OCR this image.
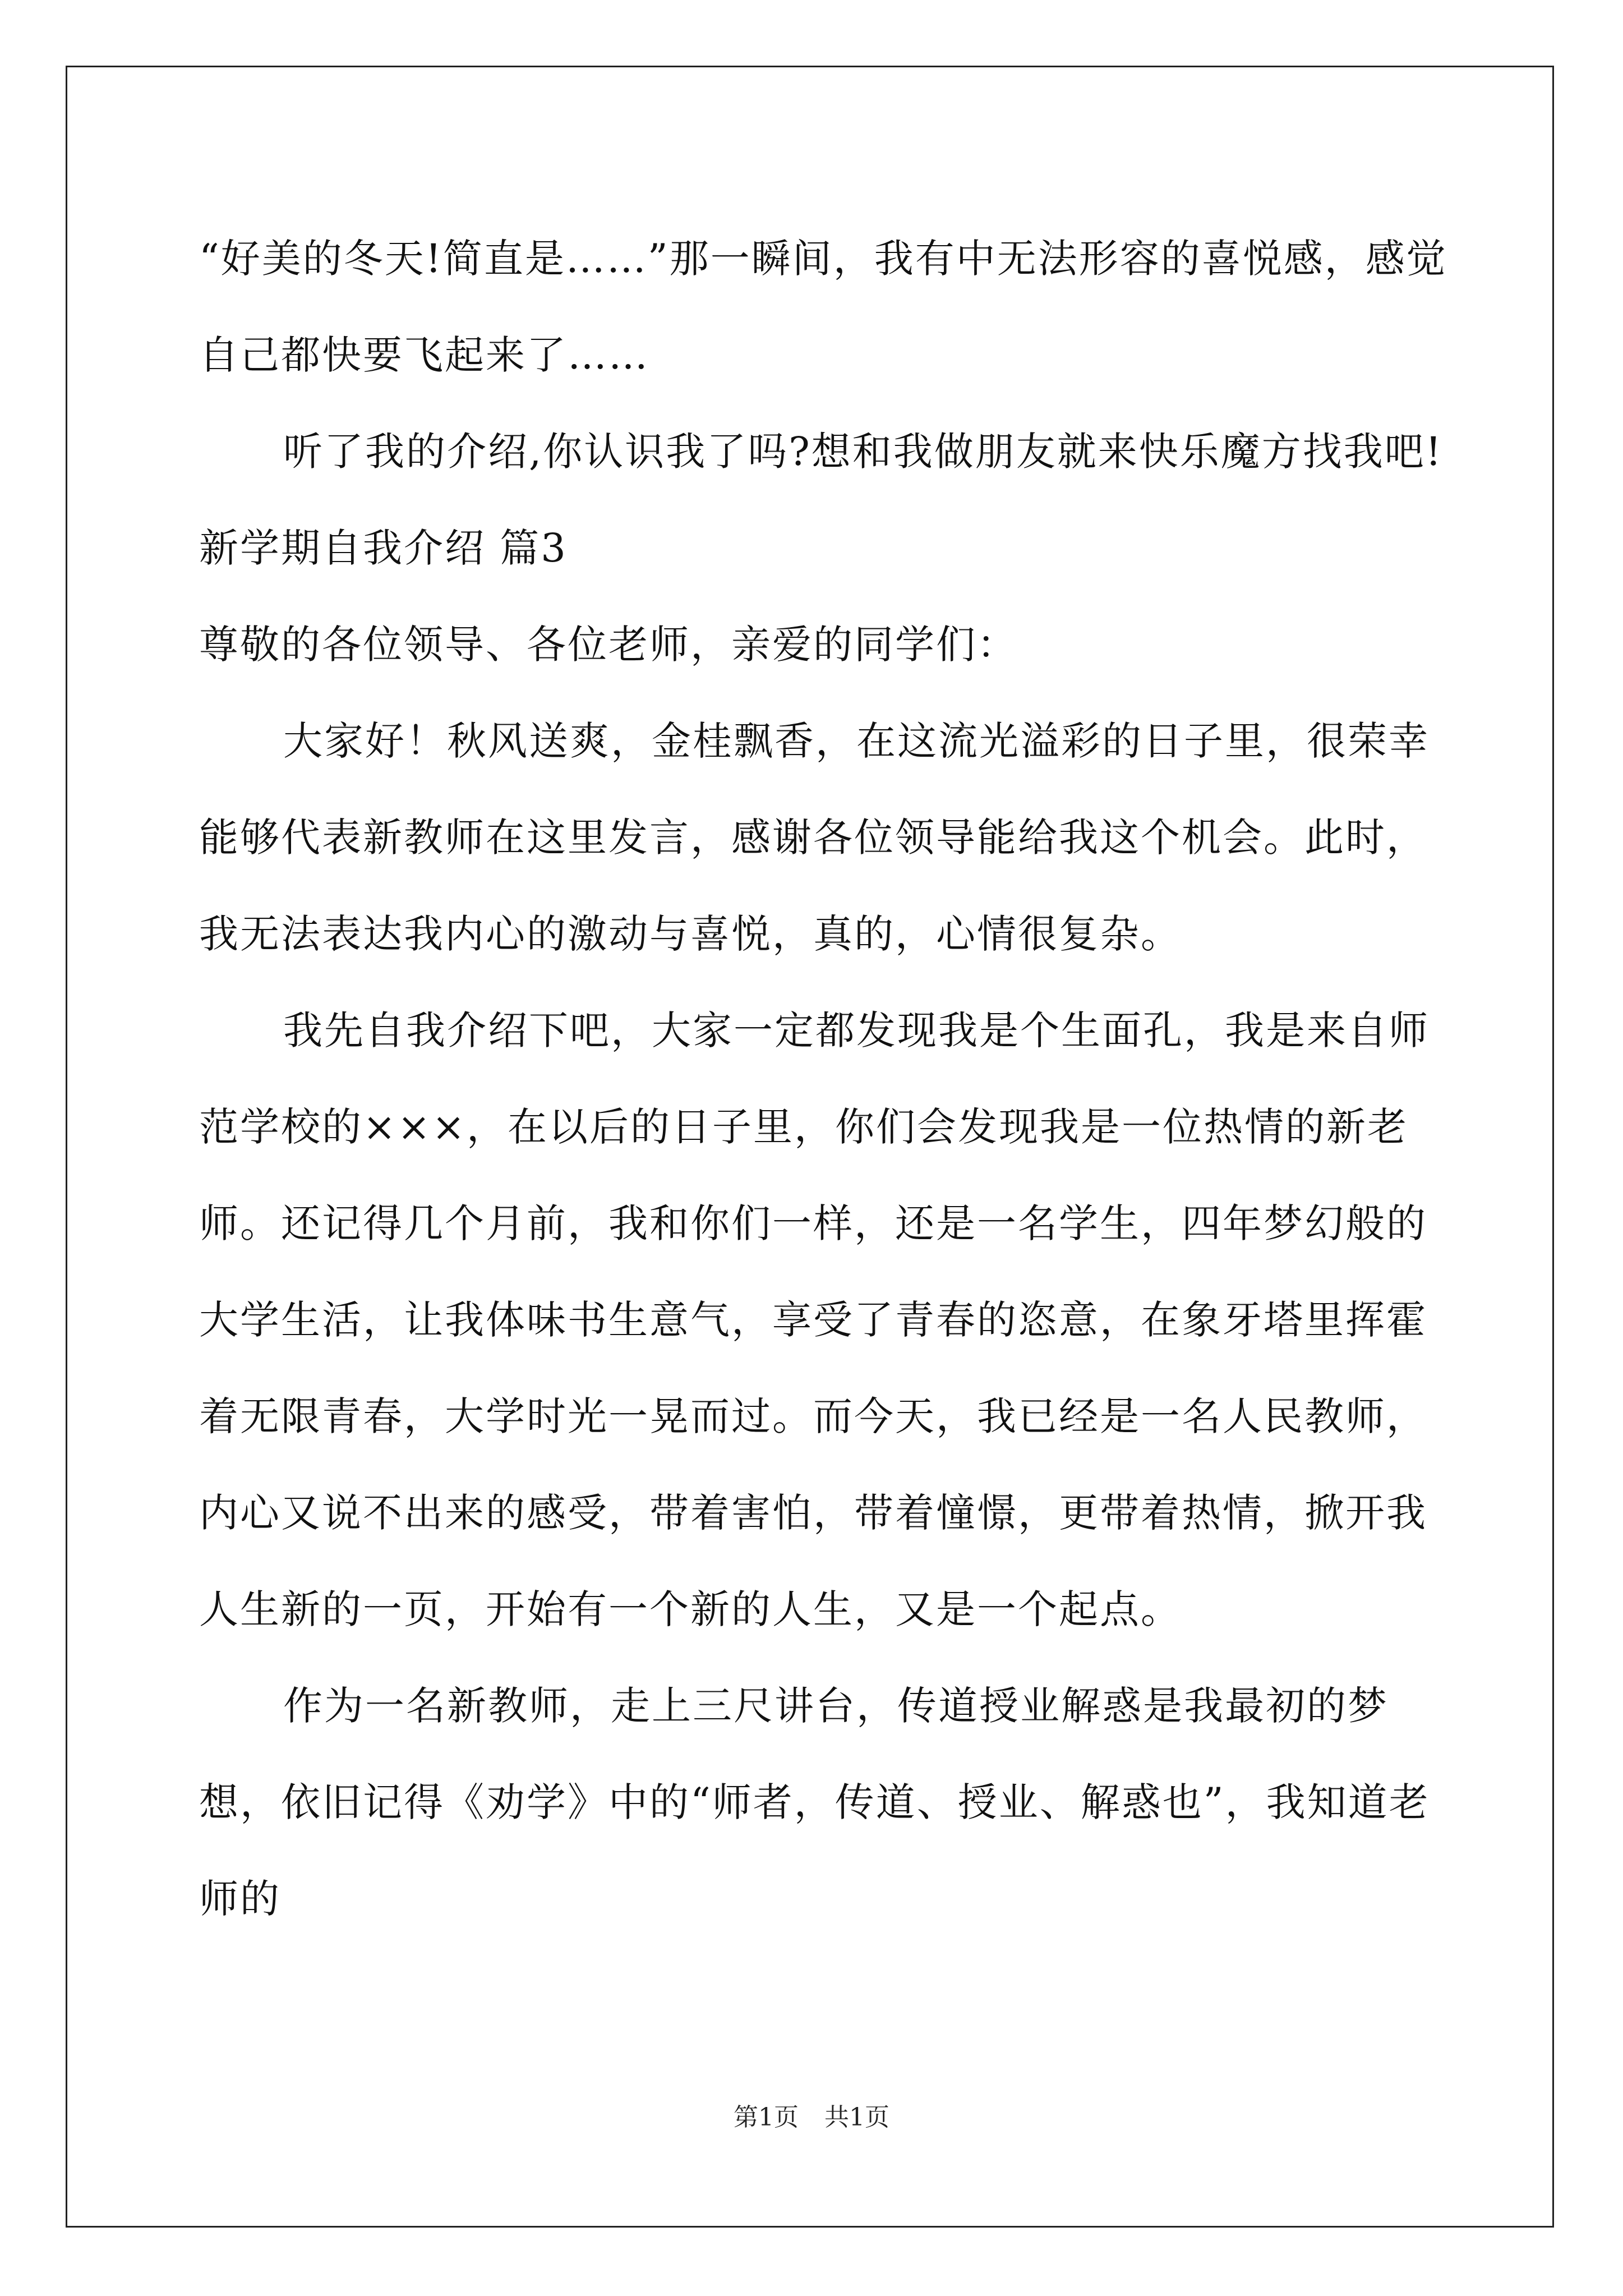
“好美的冬天!简直是……”那一瞬间，我有中无法形容的喜悦感，感觉自己都快要飞起来了……

听了我的介绍,你认识我了吗?想和我做朋友就来快乐魔方找我吧!

新学期自我介绍 篇3

尊敬的各位领导、各位老师，亲爱的同学们：

大家好！秋风送爽，金桂飘香，在这流光溢彩的日子里，很荣幸能够代表新教师在这里发言，感谢各位领导能给我这个机会。此时，我无法表达我内心的激动与喜悦，真的，心情很复杂。

我先自我介绍下吧，大家一定都发现我是个生面孔，我是来自师范学校的×××，在以后的日子里，你们会发现我是一位热情的新老师。还记得几个月前，我和你们一样，还是一名学生，四年梦幻般的大学生活，让我体味书生意气，享受了青春的恣意，在象牙塔里挥霍着无限青春，大学时光一晃而过。而今天，我已经是一名人民教师，内心又说不出来的感受，带着害怕，带着憧憬，更带着热情，掀开我人生新的一页，开始有一个新的人生，又是一个起点。

作为一名新教师，走上三尺讲台，传道授业解惑是我最初的梦想，依旧记得《劝学》中的“师者，传道、授业、解惑也”，我知道老师的

第1页 共1页
